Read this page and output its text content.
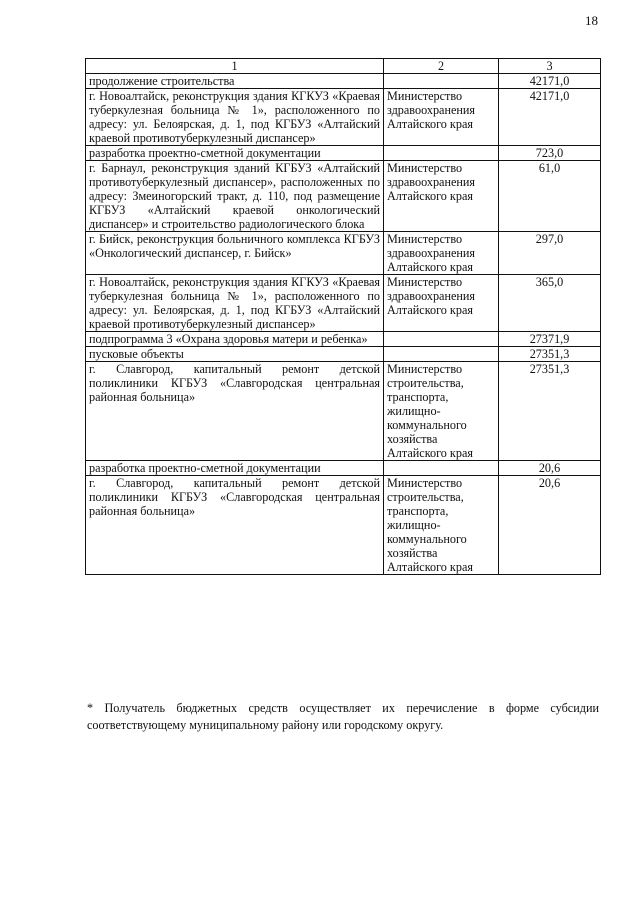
18
1	2	3
продолжение строительства		42171,0
г. Новоалтайск, реконструкция здания КГКУЗ «Краевая туберкулезная больница № 1», расположенного по адресу: ул. Белоярская, д. 1, под КГБУЗ «Алтайский краевой противотуберкулезный диспансер»	Министерство здравоохранения Алтайского края	42171,0
разработка проектно-сметной документации		723,0
г. Барнаул, реконструкция зданий КГБУЗ «Алтайский противотуберкулезный диспансер», расположенных по адресу: Змеиногорский тракт, д. 110, под размещение КГБУЗ «Алтайский краевой онкологический диспансер» и строительство радиологического блока	Министерство здравоохранения Алтайского края	61,0
г. Бийск, реконструкция больничного комплекса КГБУЗ «Онкологический диспансер, г. Бийск»	Министерство здравоохранения Алтайского края	297,0
г. Новоалтайск, реконструкция здания КГКУЗ «Краевая туберкулезная больница № 1», расположенного по адресу: ул. Белоярская, д. 1, под КГБУЗ «Алтайский краевой противотуберкулезный диспансер»	Министерство здравоохранения Алтайского края	365,0
подпрограмма 3 «Охрана здоровья матери и ребенка»		27371,9
пусковые объекты		27351,3
г. Славгород, капитальный ремонт детской поликлиники КГБУЗ «Славгородская центральная районная больница»	Министерство строительства, транспорта, жилищно-коммунального хозяйства Алтайского края	27351,3
разработка проектно-сметной документации		20,6
г. Славгород, капитальный ремонт детской поликлиники КГБУЗ «Славгородская центральная районная больница»	Министерство строительства, транспорта, жилищно-коммунального хозяйства Алтайского края	20,6
* Получатель бюджетных средств осуществляет их перечисление в форме субсидии соответствующему муниципальному району или городскому округу.
